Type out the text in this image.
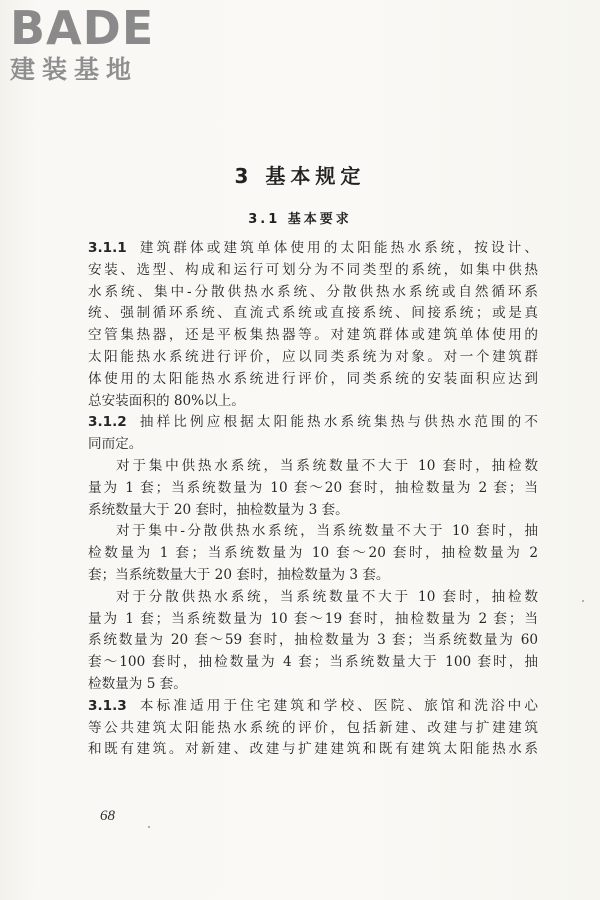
BADE
建装基地
3 基本规定
3.1 基本要求
3.1.1 建筑群体或建筑单体使用的太阳能热水系统，按设计、
安装、选型、构成和运行可划分为不同类型的系统，如集中供热
水系统、集中-分散供热水系统、分散供热水系统或自然循环系
统、强制循环系统、直流式系统或直接系统、间接系统；或是真
空管集热器，还是平板集热器等。对建筑群体或建筑单体使用的
太阳能热水系统进行评价，应以同类系统为对象。对一个建筑群
体使用的太阳能热水系统进行评价，同类系统的安装面积应达到
总安装面积的 80%以上。
3.1.2 抽样比例应根据太阳能热水系统集热与供热水范围的不
同而定。
对于集中供热水系统，当系统数量不大于 10 套时，抽检数
量为 1 套；当系统数量为 10 套～20 套时，抽检数量为 2 套；当
系统数量大于 20 套时，抽检数量为 3 套。
对于集中-分散供热水系统，当系统数量不大于 10 套时，抽
检数量为 1 套；当系统数量为 10 套～20 套时，抽检数量为 2
套；当系统数量大于 20 套时，抽检数量为 3 套。
对于分散供热水系统，当系统数量不大于 10 套时，抽检数
量为 1 套；当系统数量为 10 套～19 套时，抽检数量为 2 套；当
系统数量为 20 套～59 套时，抽检数量为 3 套；当系统数量为 60
套～100 套时，抽检数量为 4 套；当系统数量大于 100 套时，抽
检数量为 5 套。
3.1.3 本标准适用于住宅建筑和学校、医院、旅馆和洗浴中心
等公共建筑太阳能热水系统的评价，包括新建、改建与扩建建筑
和既有建筑。对新建、改建与扩建建筑和既有建筑太阳能热水系
68
